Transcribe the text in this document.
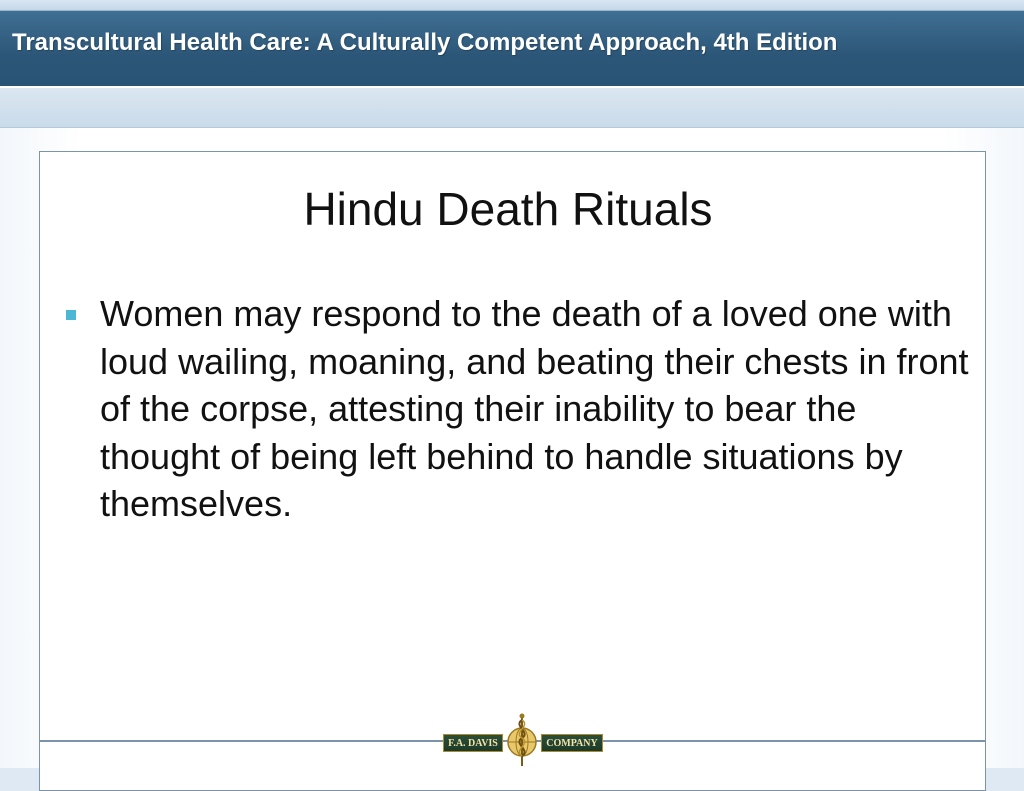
Transcultural Health Care: A Culturally Competent Approach, 4th Edition
Hindu Death Rituals
Women may respond to the death of a loved one with loud wailing, moaning, and beating their chests in front of the corpse, attesting their inability to bear the thought of being left behind to handle situations by themselves.
F.A. DAVIS	COMPANY
